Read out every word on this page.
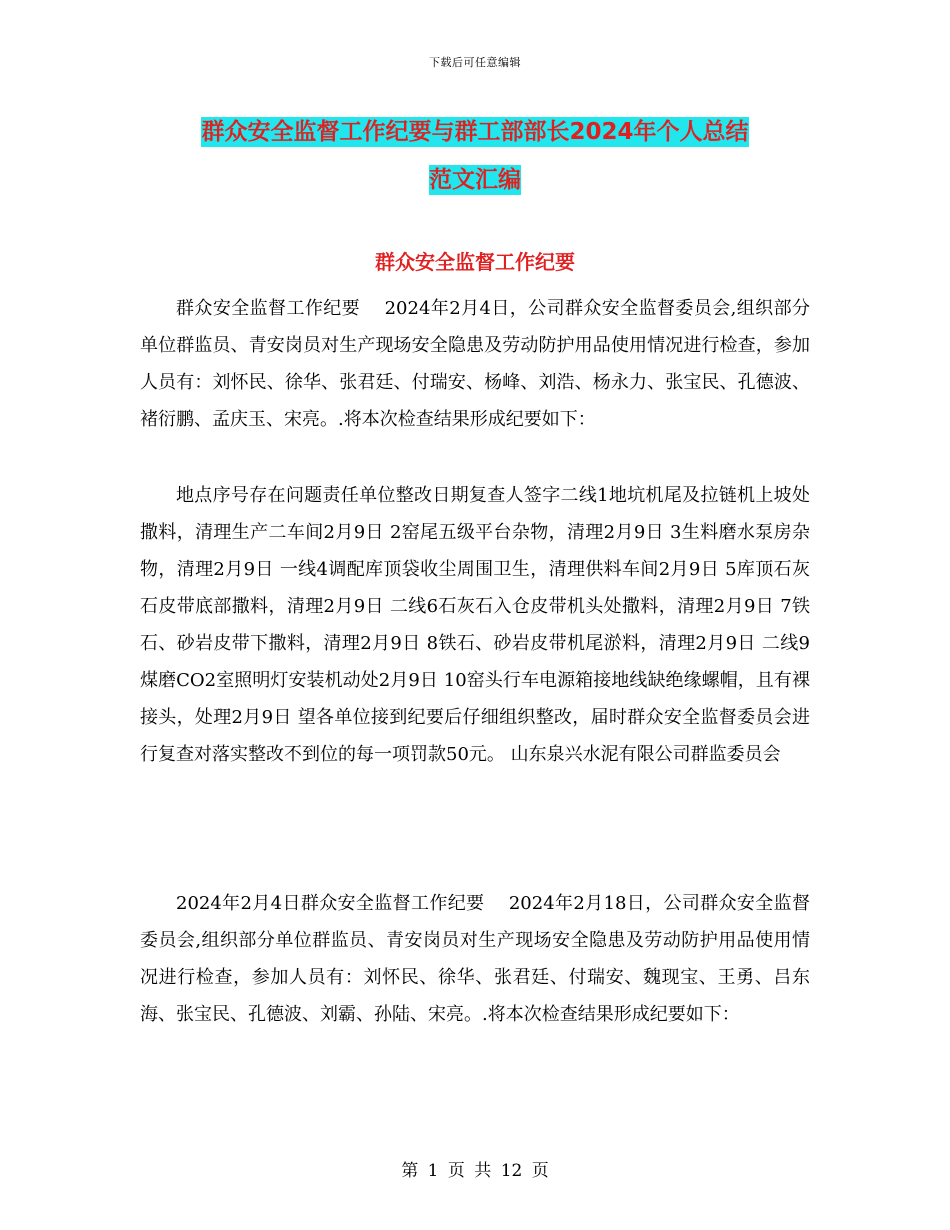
下载后可任意编辑
群众安全监督工作纪要与群工部部长2024年个人总结
范文汇编
群众安全监督工作纪要

群众安全监督工作纪要　 2024年2月4日，公司群众安全监督委员会,组织部分单位群监员、青安岗员对生产现场安全隐患及劳动防护用品使用情况进行检查，参加人员有：刘怀民、徐华、张君廷、付瑞安、杨峰、刘浩、杨永力、张宝民、孔德波、褚衍鹏、孟庆玉、宋亮。.将本次检查结果形成纪要如下：

地点序号存在问题责任单位整改日期复查人签字二线1地坑机尾及拉链机上坡处撒料，清理生产二车间2月9日 2窑尾五级平台杂物，清理2月9日 3生料磨水泵房杂物，清理2月9日 一线4调配库顶袋收尘周围卫生，清理供料车间2月9日 5库顶石灰石皮带底部撒料，清理2月9日 二线6石灰石入仓皮带机头处撒料，清理2月9日 7铁石、砂岩皮带下撒料，清理2月9日 8铁石、砂岩皮带机尾淤料，清理2月9日 二线9煤磨CO2室照明灯安装机动处2月9日 10窑头行车电源箱接地线缺绝缘螺帽，且有裸接头，处理2月9日 望各单位接到纪要后仔细组织整改，届时群众安全监督委员会进行复查对落实整改不到位的每一项罚款50元。 山东泉兴水泥有限公司群监委员会

2024年2月4日群众安全监督工作纪要　 2024年2月18日，公司群众安全监督委员会,组织部分单位群监员、青安岗员对生产现场安全隐患及劳动防护用品使用情况进行检查，参加人员有：刘怀民、徐华、张君廷、付瑞安、魏现宝、王勇、吕东海、张宝民、孔德波、刘霸、孙陆、宋亮。.将本次检查结果形成纪要如下：

第 1 页 共 12 页
